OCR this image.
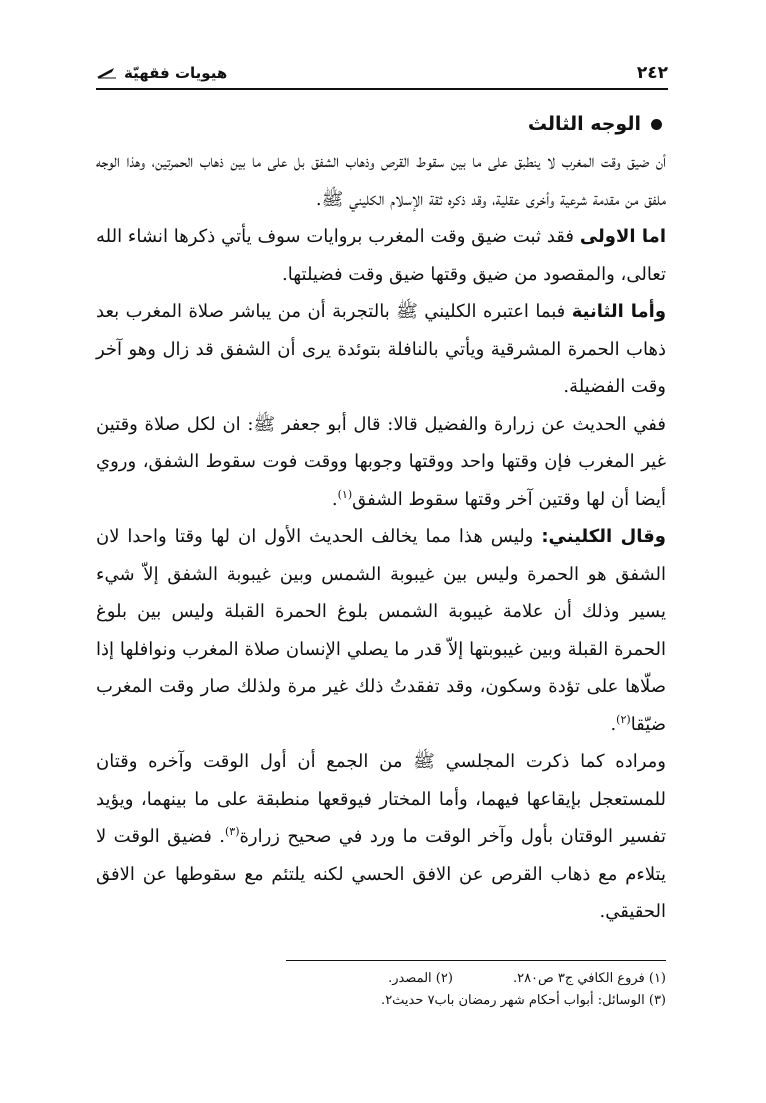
٢٤٢
هيويات فقهيّة
الوجه الثالث

أن ضيق وقت المغرب لا ينطبق على ما بين سقوط القرص وذهاب الشفق بل على ما بين ذهاب الحمرتين، وهذا الوجه ملفق من مقدمة شرعية وأخرى عقلية، وقد ذكره ثقة الإسلام الكليني ﷺ.

اما الاولى فقد ثبت ضيق وقت المغرب بروايات سوف يأتي ذكرها انشاء الله تعالى، والمقصود من ضيق وقتها ضيق وقت فضيلتها.

وأما الثانية فبما اعتبره الكليني ﷺ بالتجربة أن من يباشر صلاة المغرب بعد ذهاب الحمرة المشرقية ويأتي بالنافلة بتوئدة يرى أن الشفق قد زال وهو آخر وقت الفضيلة.

ففي الحديث عن زرارة والفضيل قالا: قال أبو جعفر ﷺ: ان لكل صلاة وقتين غير المغرب فإن وقتها واحد ووقتها وجوبها ووقت فوت سقوط الشفق، وروي أيضا أن لها وقتين آخر وقتها سقوط الشفق$^{(١)}$.

وقال الكليني: وليس هذا مما يخالف الحديث الأول ان لها وقتا واحدا لان الشفق هو الحمرة وليس بين غيبوبة الشمس وبين غيبوبة الشفق إلاّ شيء يسير وذلك أن علامة غيبوبة الشمس بلوغ الحمرة القبلة وليس بين بلوغ الحمرة القبلة وبين غيبوبتها إلاّ قدر ما يصلي الإنسان صلاة المغرب ونوافلها إذا صلّاها على تؤدة وسكون، وقد تفقدتُ ذلك غير مرة ولذلك صار وقت المغرب ضيّقا$^{(٢)}$.

ومراده كما ذكرت المجلسي ﷺ من الجمع أن أول الوقت وآخره وقتان للمستعجل بإيقاعها فيهما، وأما المختار فيوقعها منطبقة على ما بينهما، ويؤيد تفسير الوقتان بأول وآخر الوقت ما ورد في صحيح زرارة$^{(٣)}$. فضيق الوقت لا يتلاءم مع ذهاب القرص عن الافق الحسي لكنه يلتئم مع سقوطها عن الافق الحقيقي.

(١) فروع الكافي ج٣ ص٢٨٠.
(٢) المصدر.
(٣) الوسائل: أبواب أحكام شهر رمضان باب٧ حديث٢.
